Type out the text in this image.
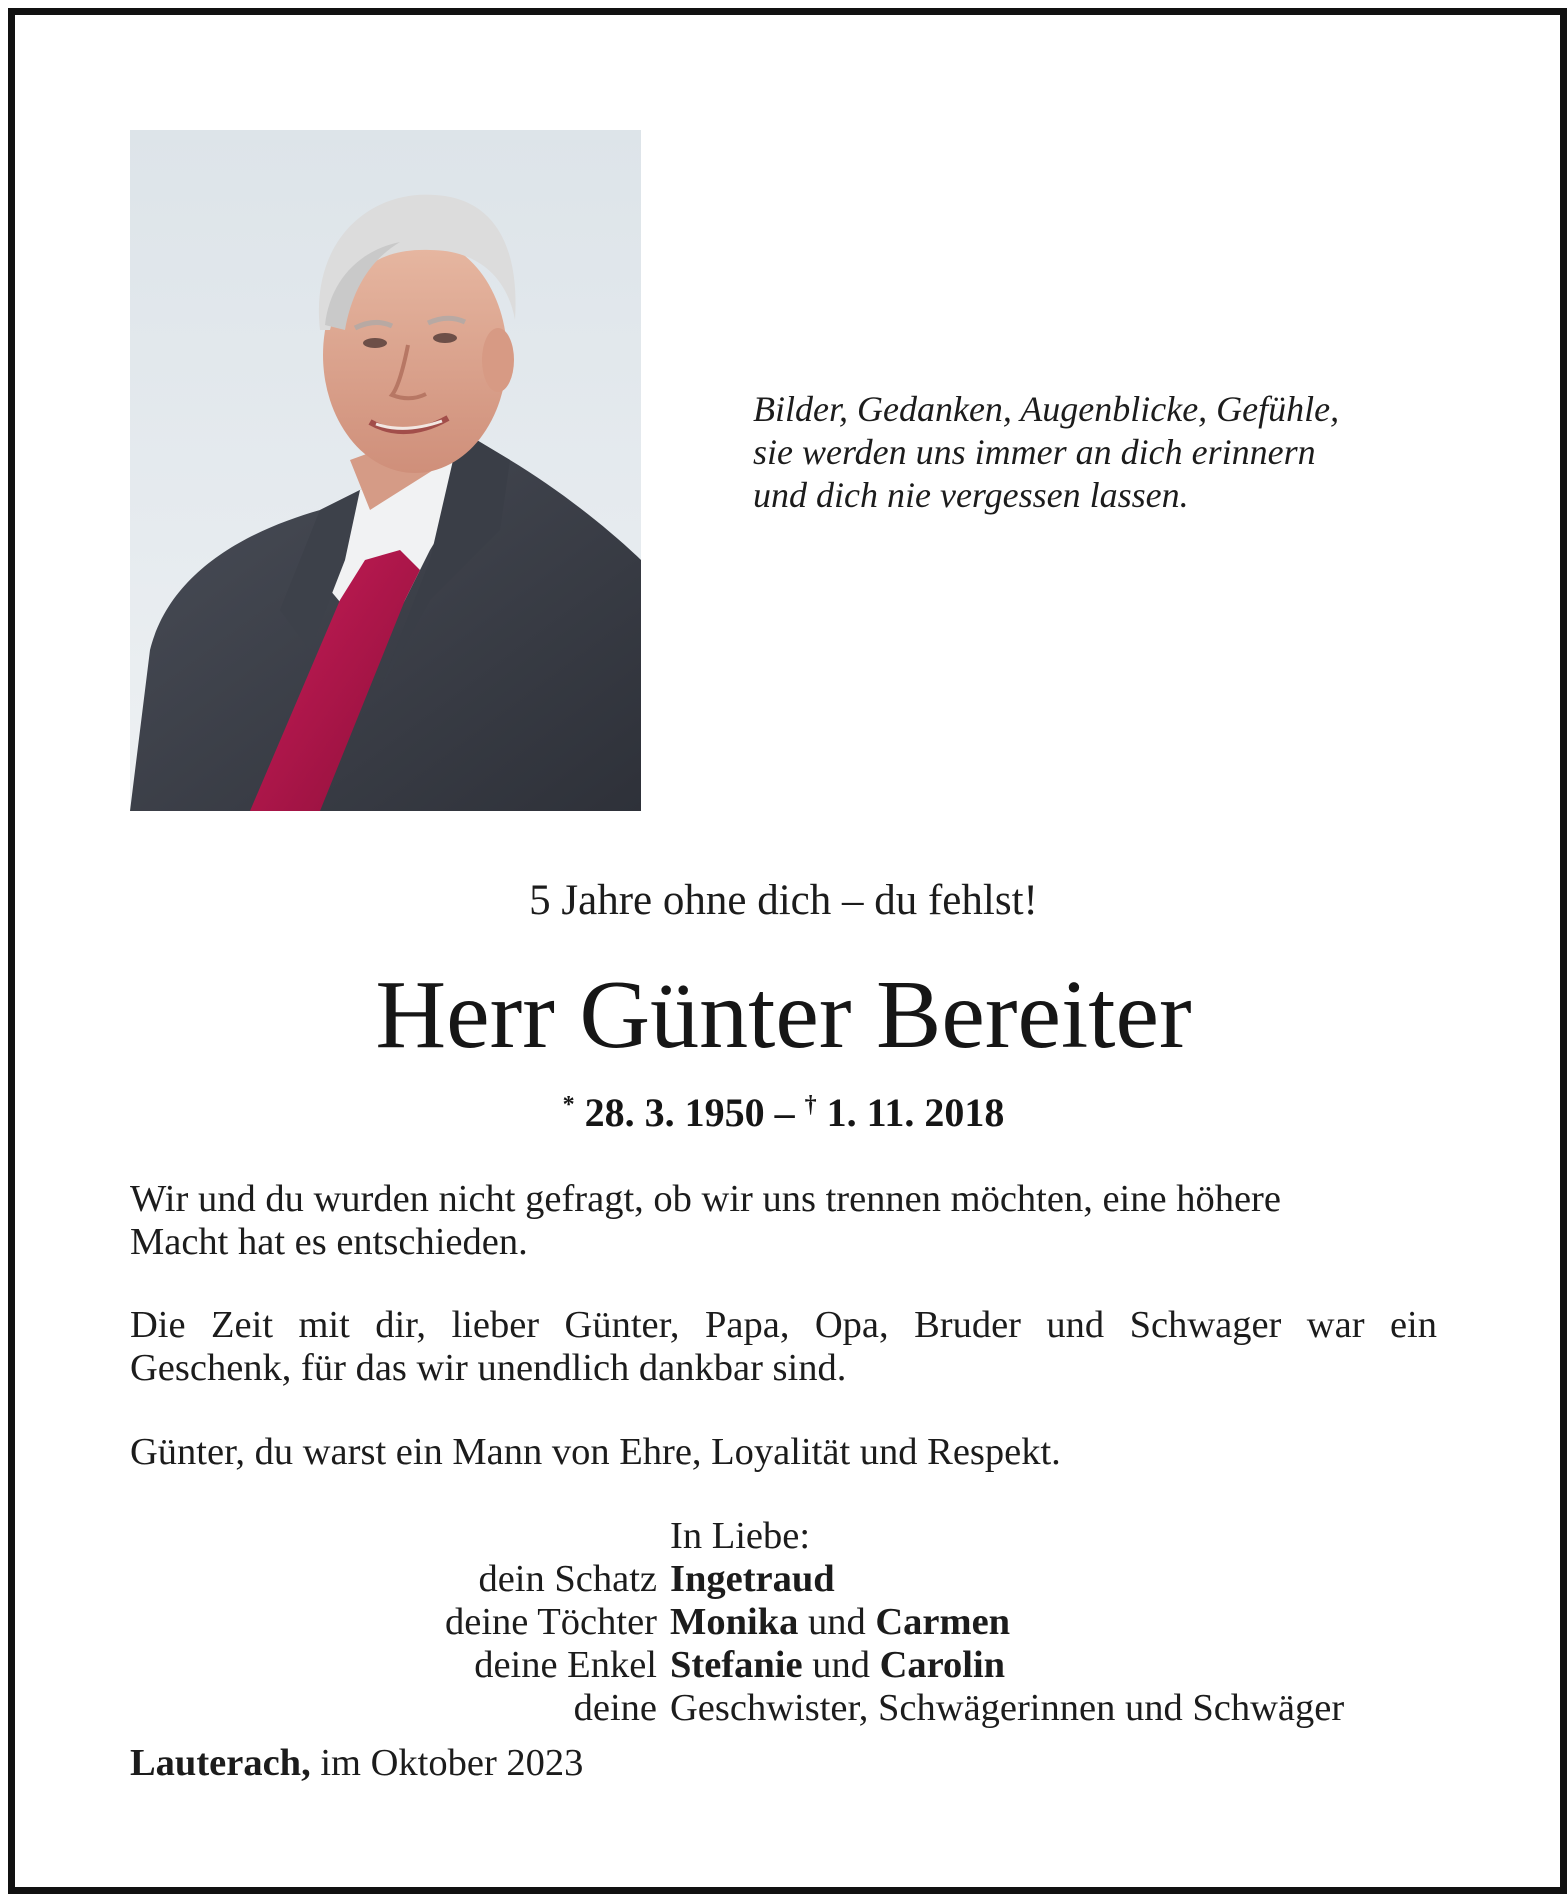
Bilder, Gedanken, Augenblicke, Gefühle,
sie werden uns immer an dich erinnern
und dich nie vergessen lassen.
5 Jahre ohne dich – du fehlst!
Herr Günter Bereiter
* 28. 3. 1950 – † 1. 11. 2018
Wir und du wurden nicht gefragt, ob wir uns trennen möchten, eine höhere
Macht hat es entschieden.
Die Zeit mit dir, lieber Günter, Papa, Opa, Bruder und Schwager war ein
Geschenk, für das wir unendlich dankbar sind.
Günter, du warst ein Mann von Ehre, Loyalität und Respekt.
In Liebe:
dein Schatz Ingetraud
deine Töchter Monika und Carmen
deine Enkel Stefanie und Carolin
deine Geschwister, Schwägerinnen und Schwäger
Lauterach, im Oktober 2023
